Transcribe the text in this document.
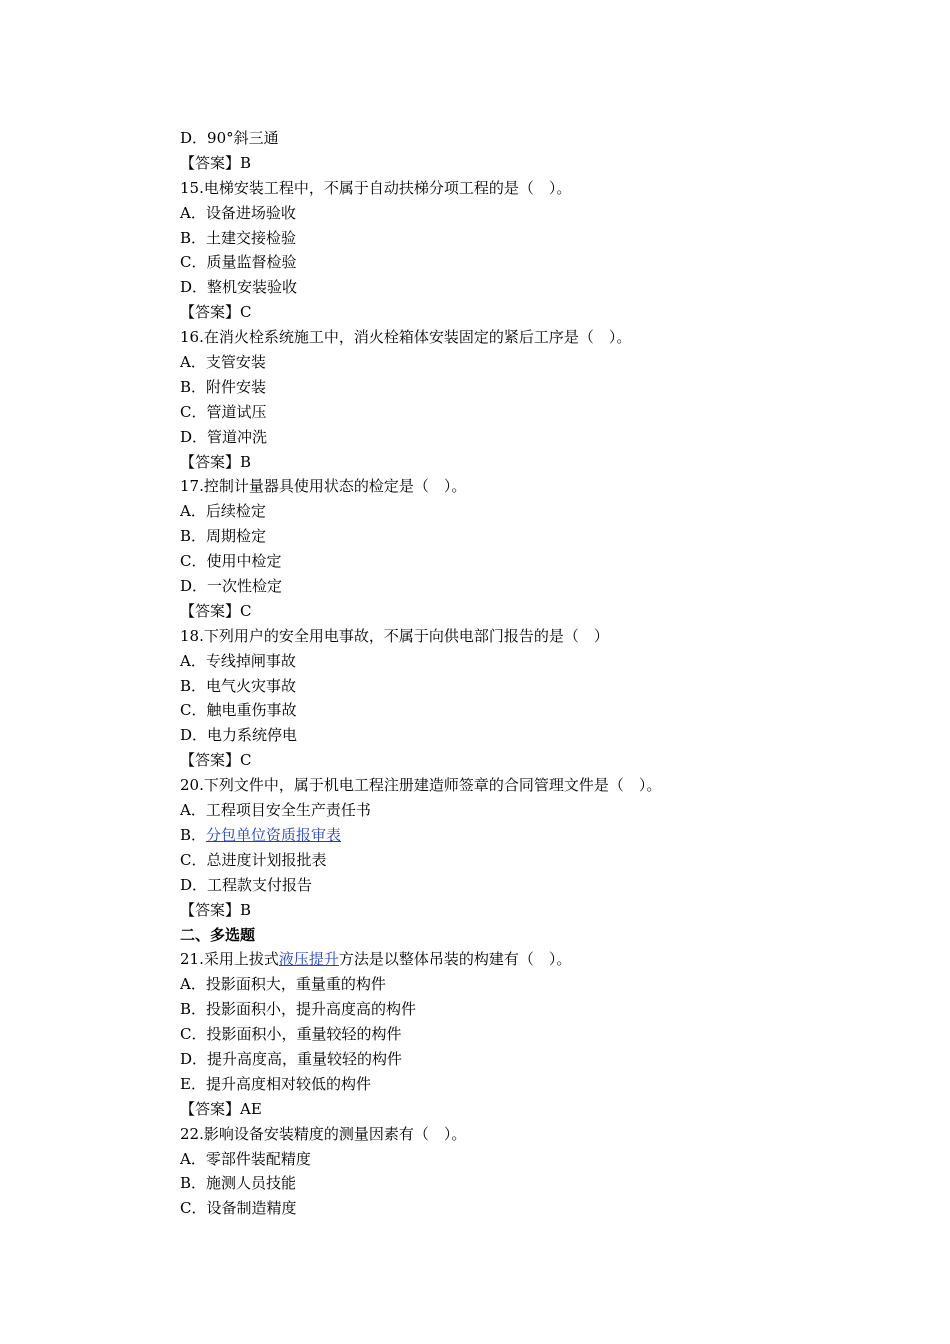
D．90°斜三通
【答案】B
15.电梯安装工程中，不属于自动扶梯分项工程的是（　）。
A．设备进场验收
B．土建交接检验
C．质量监督检验
D．整机安装验收
【答案】C
16.在消火栓系统施工中，消火栓箱体安装固定的紧后工序是（　）。
A．支管安装
B．附件安装
C．管道试压
D．管道冲洗
【答案】B
17.控制计量器具使用状态的检定是（　）。
A．后续检定
B．周期检定
C．使用中检定
D．一次性检定
【答案】C
18.下列用户的安全用电事故，不属于向供电部门报告的是（　）
A．专线掉闸事故
B．电气火灾事故
C．触电重伤事故
D．电力系统停电
【答案】C
20.下列文件中，属于机电工程注册建造师签章的合同管理文件是（　）。
A．工程项目安全生产责任书
B．分包单位资质报审表
C．总进度计划报批表
D．工程款支付报告
【答案】B
二、多选题
21.采用上拔式液压提升方法是以整体吊装的构建有（　）。
A．投影面积大，重量重的构件
B．投影面积小，提升高度高的构件
C．投影面积小，重量较轻的构件
D．提升高度高，重量较轻的构件
E．提升高度相对较低的构件
【答案】AE
22.影响设备安装精度的测量因素有（　）。
A．零部件装配精度
B．施测人员技能
C．设备制造精度
